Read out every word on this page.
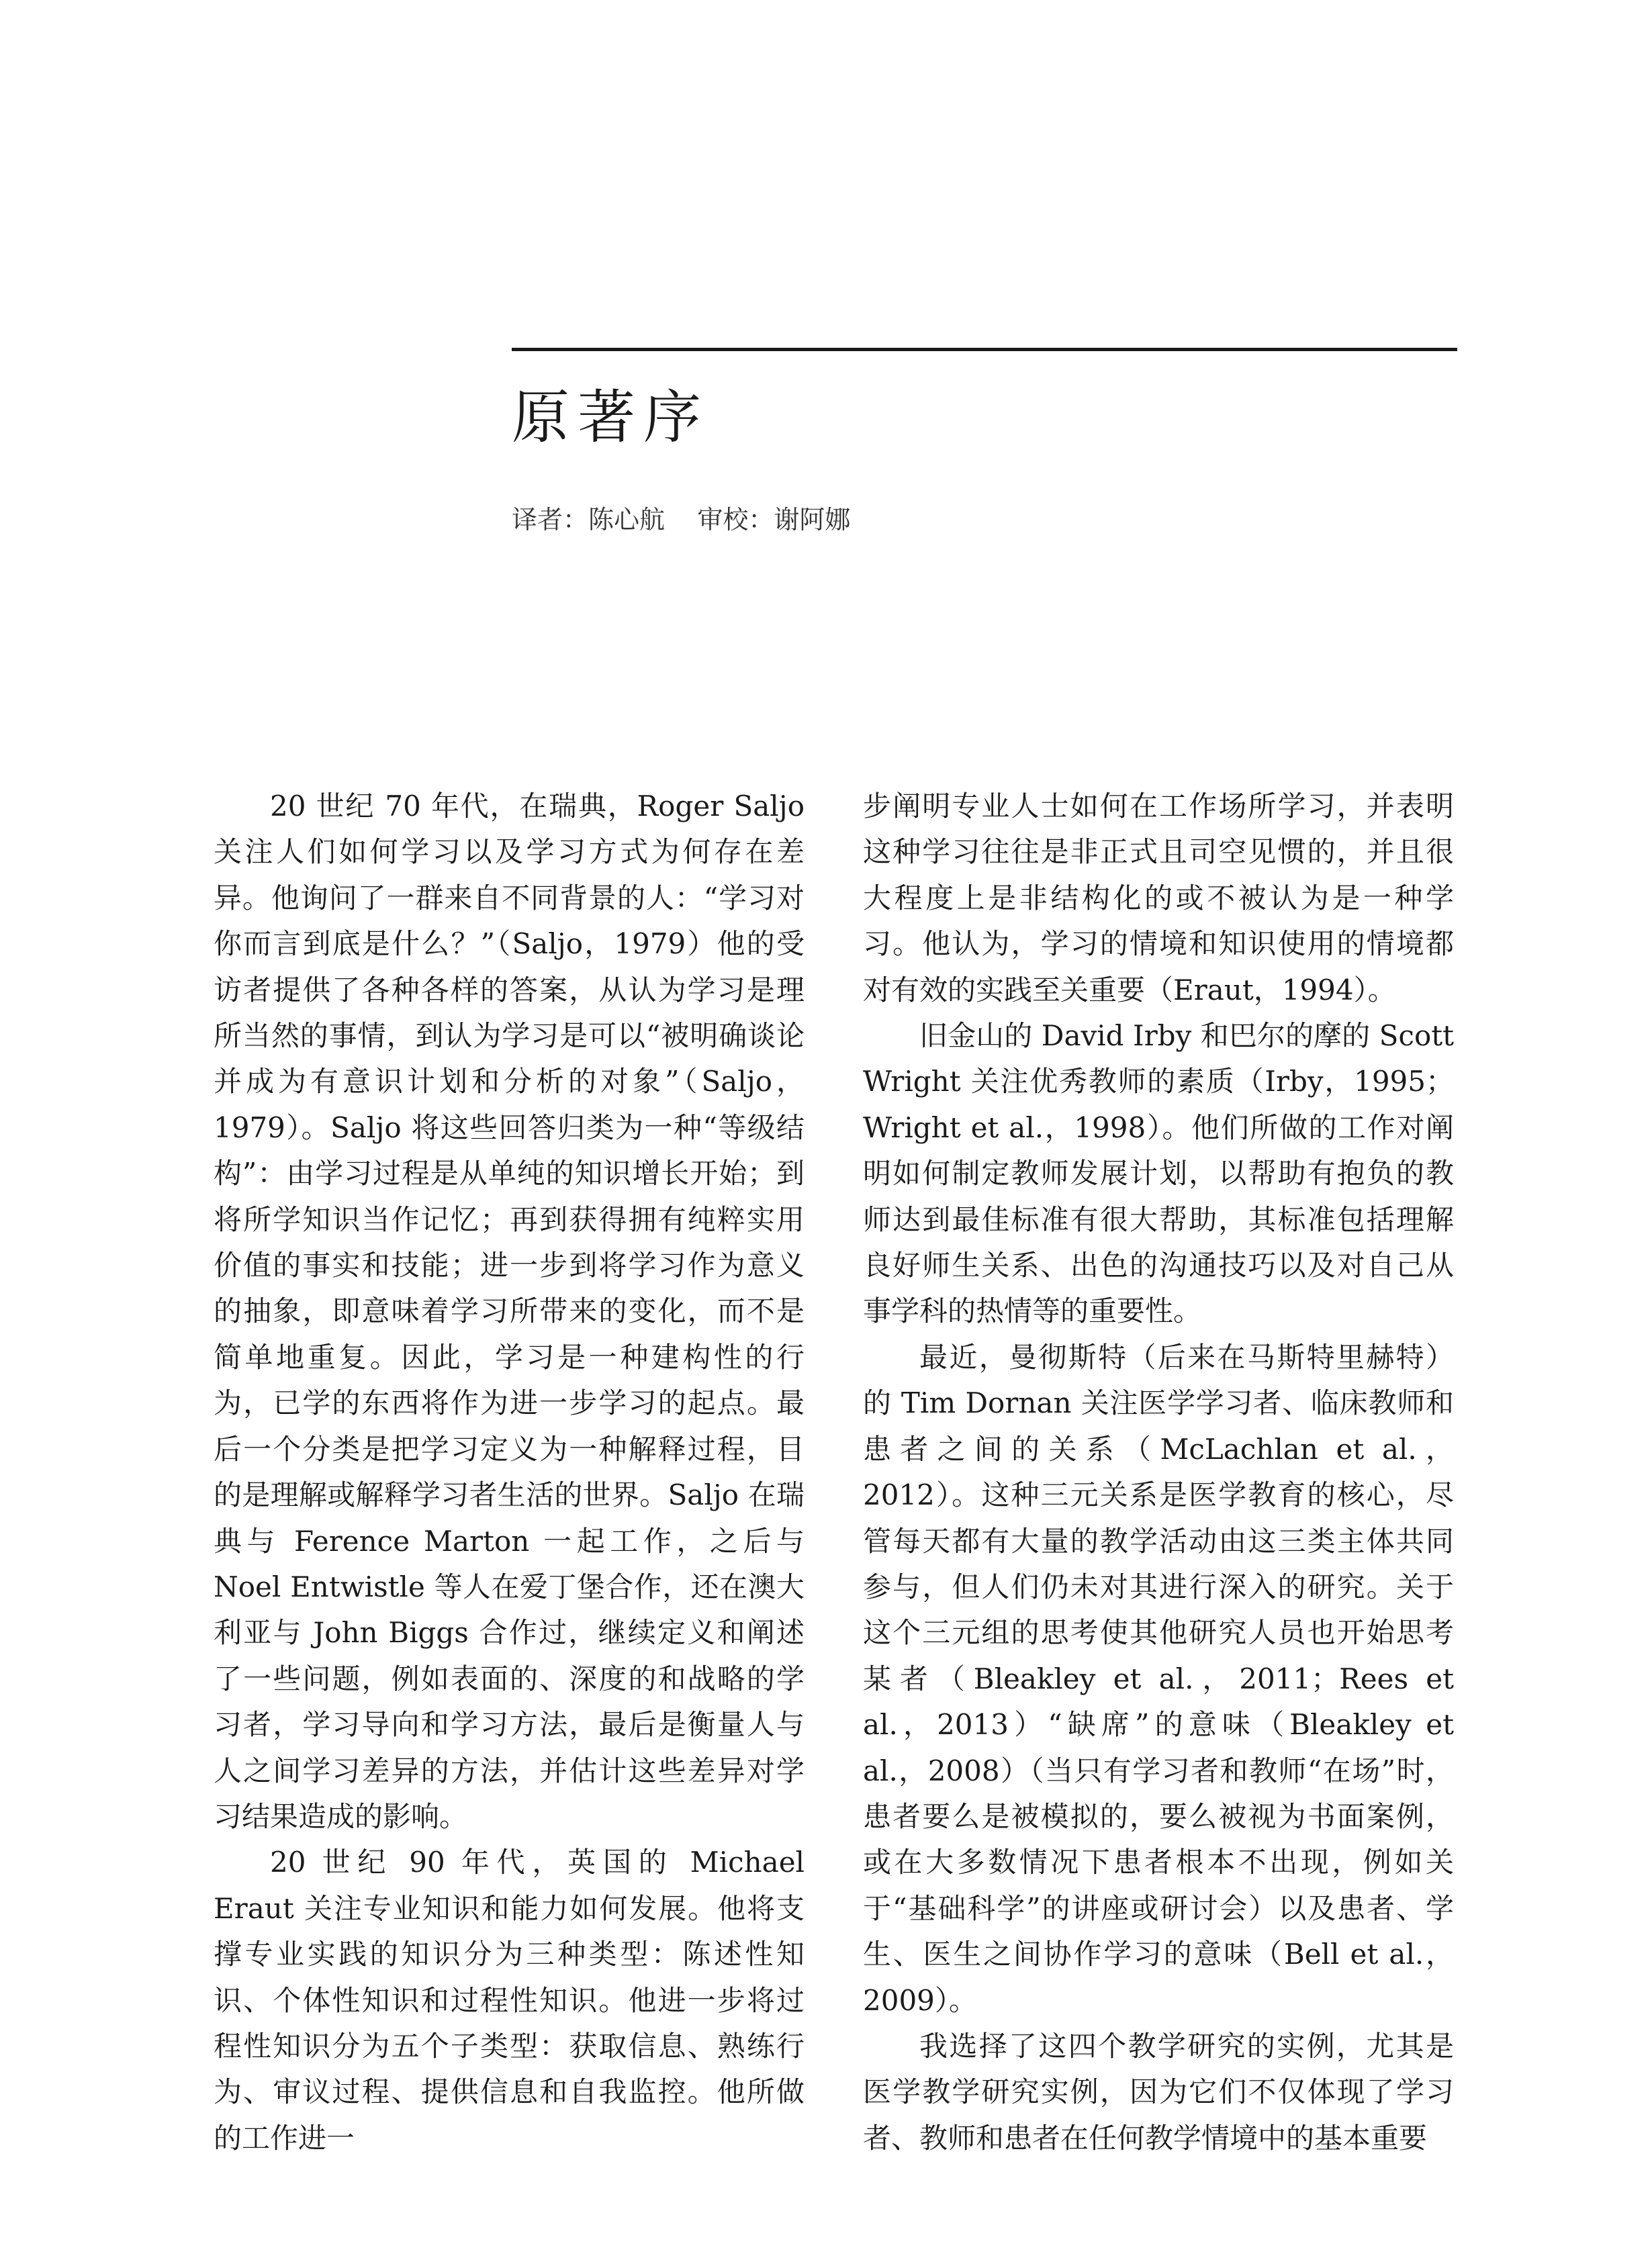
原著序
译者：陈心航    审校：谢阿娜

20 世纪 70 年代，在瑞典，Roger Saljo 关注人们如何学习以及学习方式为何存在差异。他询问了一群来自不同背景的人：“学习对你而言到底是什么？”（Saljo，1979）他的受访者提供了各种各样的答案，从认为学习是理所当然的事情，到认为学习是可以“被明确谈论并成为有意识计划和分析的对象”（Saljo，1979）。Saljo 将这些回答归类为一种“等级结构”：由学习过程是从单纯的知识增长开始；到将所学知识当作记忆；再到获得拥有纯粹实用价值的事实和技能；进一步到将学习作为意义的抽象，即意味着学习所带来的变化，而不是简单地重复。因此，学习是一种建构性的行为，已学的东西将作为进一步学习的起点。最后一个分类是把学习定义为一种解释过程，目的是理解或解释学习者生活的世界。Saljo 在瑞典与 Ference Marton 一起工作，之后与 Noel Entwistle 等人在爱丁堡合作，还在澳大利亚与 John Biggs 合作过，继续定义和阐述了一些问题，例如表面的、深度的和战略的学习者，学习导向和学习方法，最后是衡量人与人之间学习差异的方法，并估计这些差异对学习结果造成的影响。

20 世纪 90 年代，英国的 Michael Eraut 关注专业知识和能力如何发展。他将支撑专业实践的知识分为三种类型：陈述性知识、个体性知识和过程性知识。他进一步将过程性知识分为五个子类型：获取信息、熟练行为、审议过程、提供信息和自我监控。他所做的工作进一

步阐明专业人士如何在工作场所学习，并表明这种学习往往是非正式且司空见惯的，并且很大程度上是非结构化的或不被认为是一种学习。他认为，学习的情境和知识使用的情境都对有效的实践至关重要（Eraut，1994）。

旧金山的 David Irby 和巴尔的摩的 Scott Wright 关注优秀教师的素质（Irby，1995；Wright et al.，1998）。他们所做的工作对阐明如何制定教师发展计划，以帮助有抱负的教师达到最佳标准有很大帮助，其标准包括理解良好师生关系、出色的沟通技巧以及对自己从事学科的热情等的重要性。

最近，曼彻斯特（后来在马斯特里赫特）的 Tim Dornan 关注医学学习者、临床教师和患者之间的关系（McLachlan et al.，2012）。这种三元关系是医学教育的核心，尽管每天都有大量的教学活动由这三类主体共同参与，但人们仍未对其进行深入的研究。关于这个三元组的思考使其他研究人员也开始思考某者（Bleakley et al.，2011；Rees et al.，2013）“缺席”的意味（Bleakley et al.，2008）（当只有学习者和教师“在场”时，患者要么是被模拟的，要么被视为书面案例，或在大多数情况下患者根本不出现，例如关于“基础科学”的讲座或研讨会）以及患者、学生、医生之间协作学习的意味（Bell et al.，2009）。

我选择了这四个教学研究的实例，尤其是医学教学研究实例，因为它们不仅体现了学习者、教师和患者在任何教学情境中的基本重要
